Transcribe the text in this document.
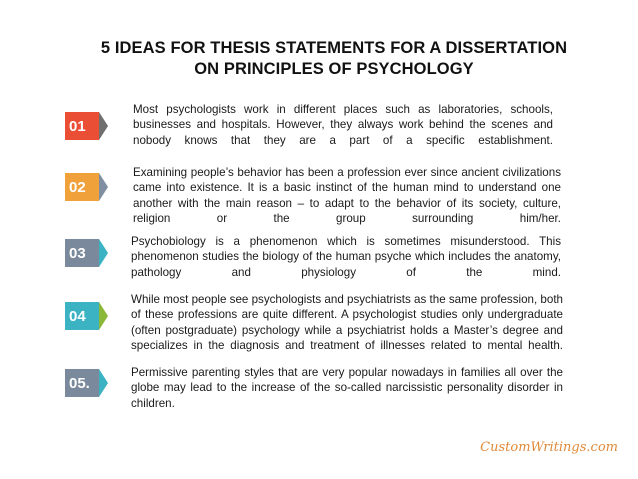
5 IDEAS FOR THESIS STATEMENTS FOR A DISSERTATION
ON PRINCIPLES OF PSYCHOLOGY
01
Most psychologists work in different places such as laboratories, schools, businesses and hospitals. However, they always work behind the scenes and nobody knows that they are a part of a specific establishment.
02
Examining people’s behavior has been a profession ever since ancient civilizations came into existence. It is a basic instinct of the human mind to understand one another with the main reason – to adapt to the behavior of its society, culture, religion or the group surrounding him/her.
03
Psychobiology is a phenomenon which is sometimes misunderstood. This phenomenon studies the biology of the human psyche which includes the anatomy, pathology and physiology of the mind.
04
While most people see psychologists and psychiatrists as the same profession, both of these professions are quite different. A psychologist studies only undergraduate (often postgraduate) psychology while a psychiatrist holds a Master’s degree and specializes in the diagnosis and treatment of illnesses related to mental health.
05.
Permissive parenting styles that are very popular nowadays in families all over the globe may lead to the increase of the so-called narcissistic personality disorder in children.
CustomWritings.com
